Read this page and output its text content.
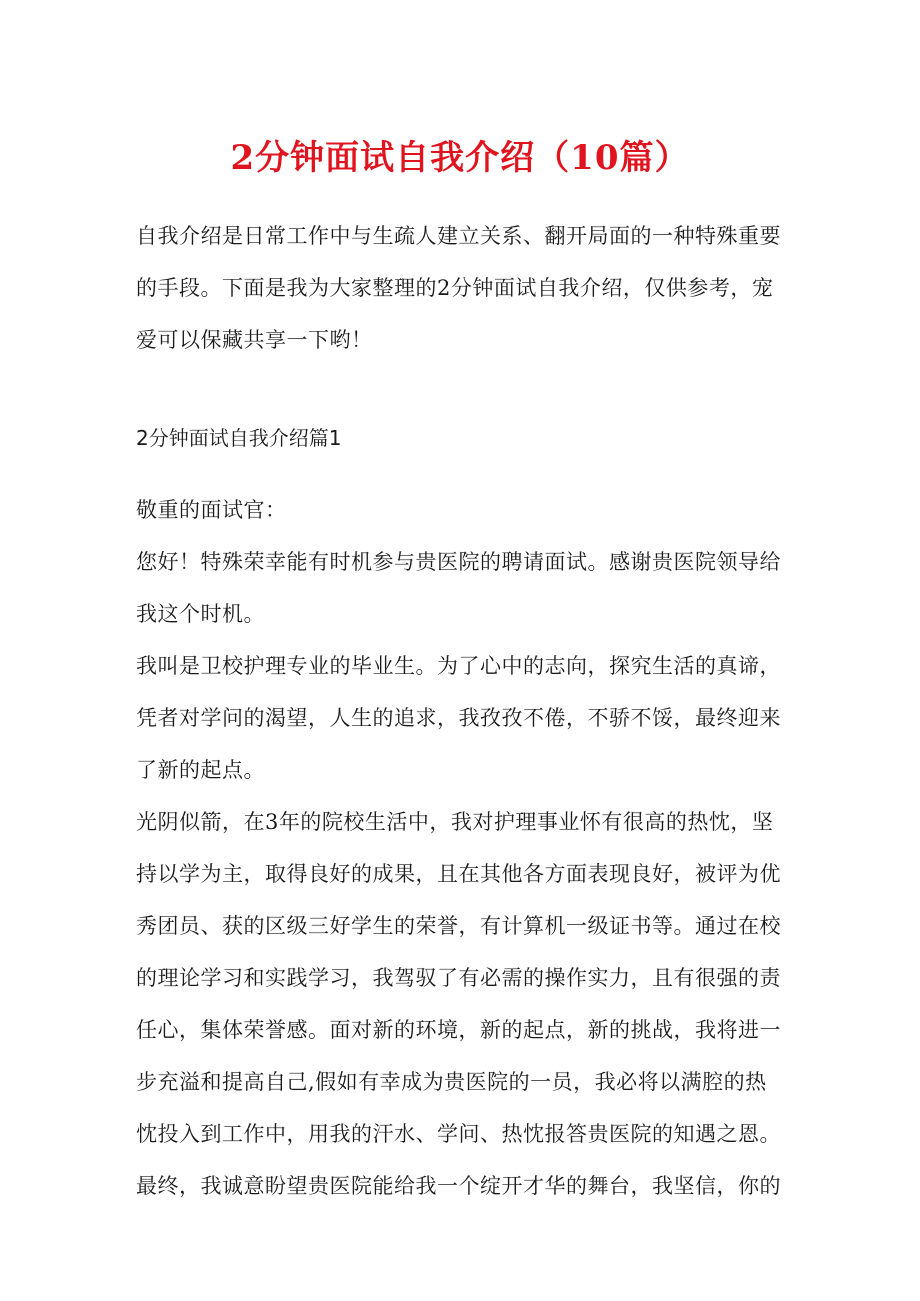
2分钟面试自我介绍（10篇）

自我介绍是日常工作中与生疏人建立关系、翻开局面的一种特殊重要的手段。下面是我为大家整理的2分钟面试自我介绍，仅供参考，宠爱可以保藏共享一下哟！

2分钟面试自我介绍篇1

敬重的面试官：

您好！特殊荣幸能有时机参与贵医院的聘请面试。感谢贵医院领导给我这个时机。

我叫是卫校护理专业的毕业生。为了心中的志向，探究生活的真谛，凭者对学问的渴望，人生的追求，我孜孜不倦，不骄不馁，最终迎来了新的起点。

光阴似箭，在3年的院校生活中，我对护理事业怀有很高的热忱，坚持以学为主，取得良好的成果，且在其他各方面表现良好，被评为优秀团员、获的区级三好学生的荣誉，有计算机一级证书等。通过在校的理论学习和实践学习，我驾驭了有必需的操作实力，且有很强的责任心，集体荣誉感。面对新的环境，新的起点，新的挑战，我将进一步充溢和提高自己,假如有幸成为贵医院的一员，我必将以满腔的热忱投入到工作中，用我的汗水、学问、热忱报答贵医院的知遇之恩。

最终，我诚意盼望贵医院能给我一个绽开才华的舞台，我坚信，你的
